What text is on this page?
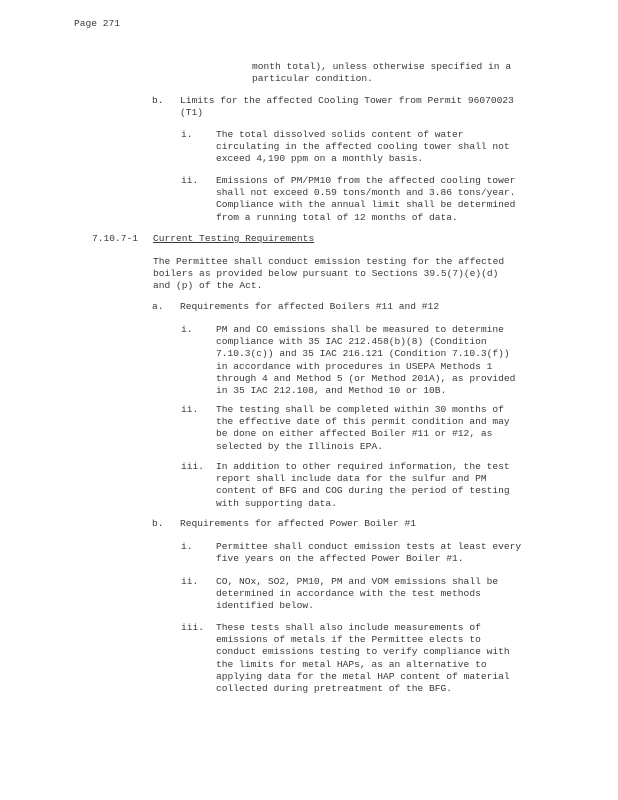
Page 271
month total), unless otherwise specified in a
particular condition.
b. Limits for the affected Cooling Tower from Permit 96070023
(T1)
i. The total dissolved solids content of water
circulating in the affected cooling tower shall not
exceed 4,190 ppm on a monthly basis.
ii. Emissions of PM/PM10 from the affected cooling tower
shall not exceed 0.59 tons/month and 3.86 tons/year.
Compliance with the annual limit shall be determined
from a running total of 12 months of data.
7.10.7-1 Current Testing Requirements
The Permittee shall conduct emission testing for the affected
boilers as provided below pursuant to Sections 39.5(7)(e)(d)
and (p) of the Act.
a. Requirements for affected Boilers #11 and #12
i. PM and CO emissions shall be measured to determine
compliance with 35 IAC 212.458(b)(8) (Condition
7.10.3(c)) and 35 IAC 216.121 (Condition 7.10.3(f))
in accordance with procedures in USEPA Methods 1
through 4 and Method 5 (or Method 201A), as provided
in 35 IAC 212.108, and Method 10 or 10B.
ii. The testing shall be completed within 30 months of
the effective date of this permit condition and may
be done on either affected Boiler #11 or #12, as
selected by the Illinois EPA.
iii. In addition to other required information, the test
report shall include data for the sulfur and PM
content of BFG and COG during the period of testing
with supporting data.
b. Requirements for affected Power Boiler #1
i. Permittee shall conduct emission tests at least every
five years on the affected Power Boiler #1.
ii. CO, NOx, SO2, PM10, PM and VOM emissions shall be
determined in accordance with the test methods
identified below.
iii. These tests shall also include measurements of
emissions of metals if the Permittee elects to
conduct emissions testing to verify compliance with
the limits for metal HAPs, as an alternative to
applying data for the metal HAP content of material
collected during pretreatment of the BFG.
